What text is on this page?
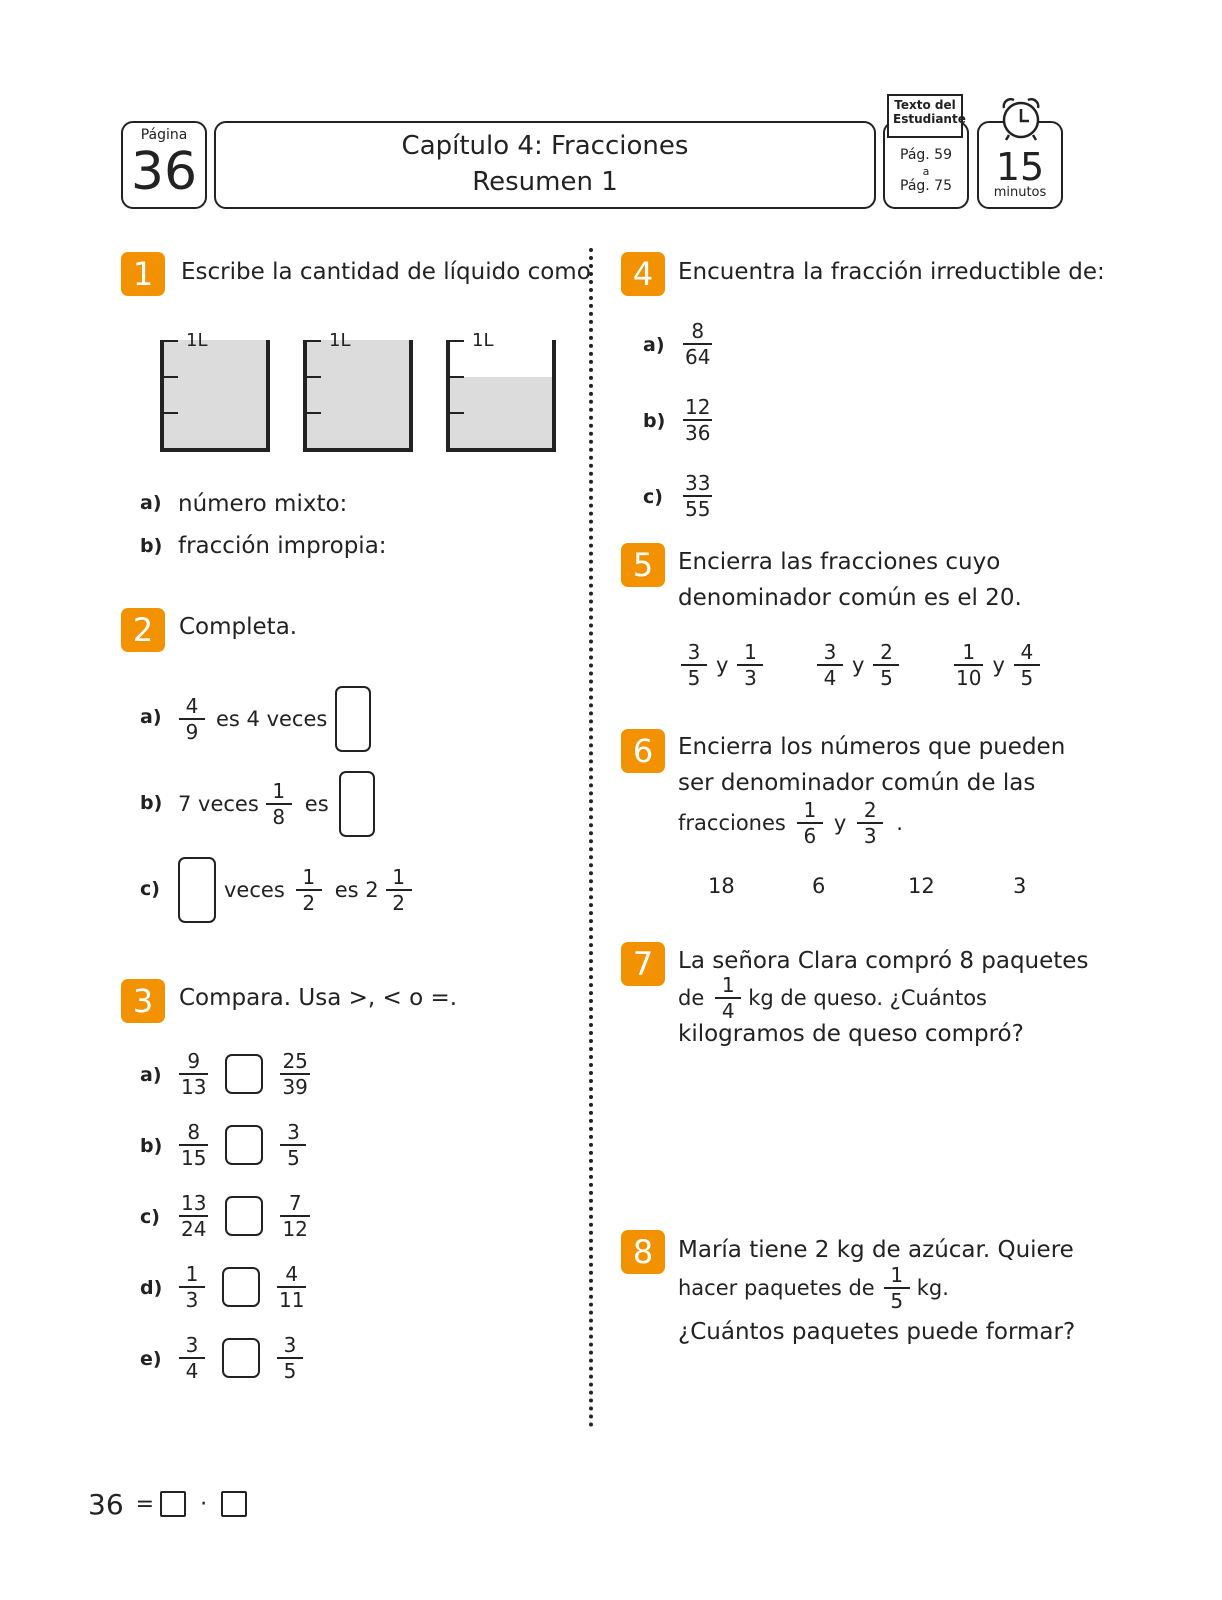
Página
36	Capítulo 4: Fracciones
Resumen 1
Pág. 59
a
Pág. 75
Texto del Estudiante
15
minutos
1	Escribe la cantidad de líquido como
1L	1L	1L
a) número mixto:
b) fracción impropia:
2	Completa.
$a) \frac{4}{9}$ es 4 veces
b) 7 veces $\frac{1}{8}$ es
c)	veces $\frac{1}{2}$ es $2 \frac{1}{2}$
3	Compara. Usa >, < o =.
$a) \frac{9}{13}$	$\frac{25}{39}$
$b) \frac{8}{15}$	$\frac{3}{5}$
$c) \frac{13}{24}$	$\frac{7}{12}$
$d) \frac{1}{3}$	$\frac{4}{11}$
$e) \frac{3}{4}$	$\frac{3}{5}$
4	Encuentra la fracción irreductible de:
$a) \frac{8}{64}$
$b) \frac{12}{36}$
$c) \frac{33}{55}$
5	Encierra las fracciones cuyo
denominador común es el 20.
$\frac{3}{5}$ y $\frac{1}{3}$	$\frac{3}{4}$ y $\frac{2}{5}$	$\frac{1}{10}$ y $\frac{4}{5}$
6	Encierra los números que pueden
ser denominador común de las
fracciones $\frac{1}{6}$ y $\frac{2}{3}$ .
18	6	12	3
7	La señora Clara compró 8 paquetes
de $\frac{1}{4}$ kg de queso. ¿Cuántos
kilogramos de queso compró?
8	María tiene 2 kg de azúcar. Quiere
hacer paquetes de $\frac{1}{5}$ kg.
¿Cuántos paquetes puede formar?
36 = ·
